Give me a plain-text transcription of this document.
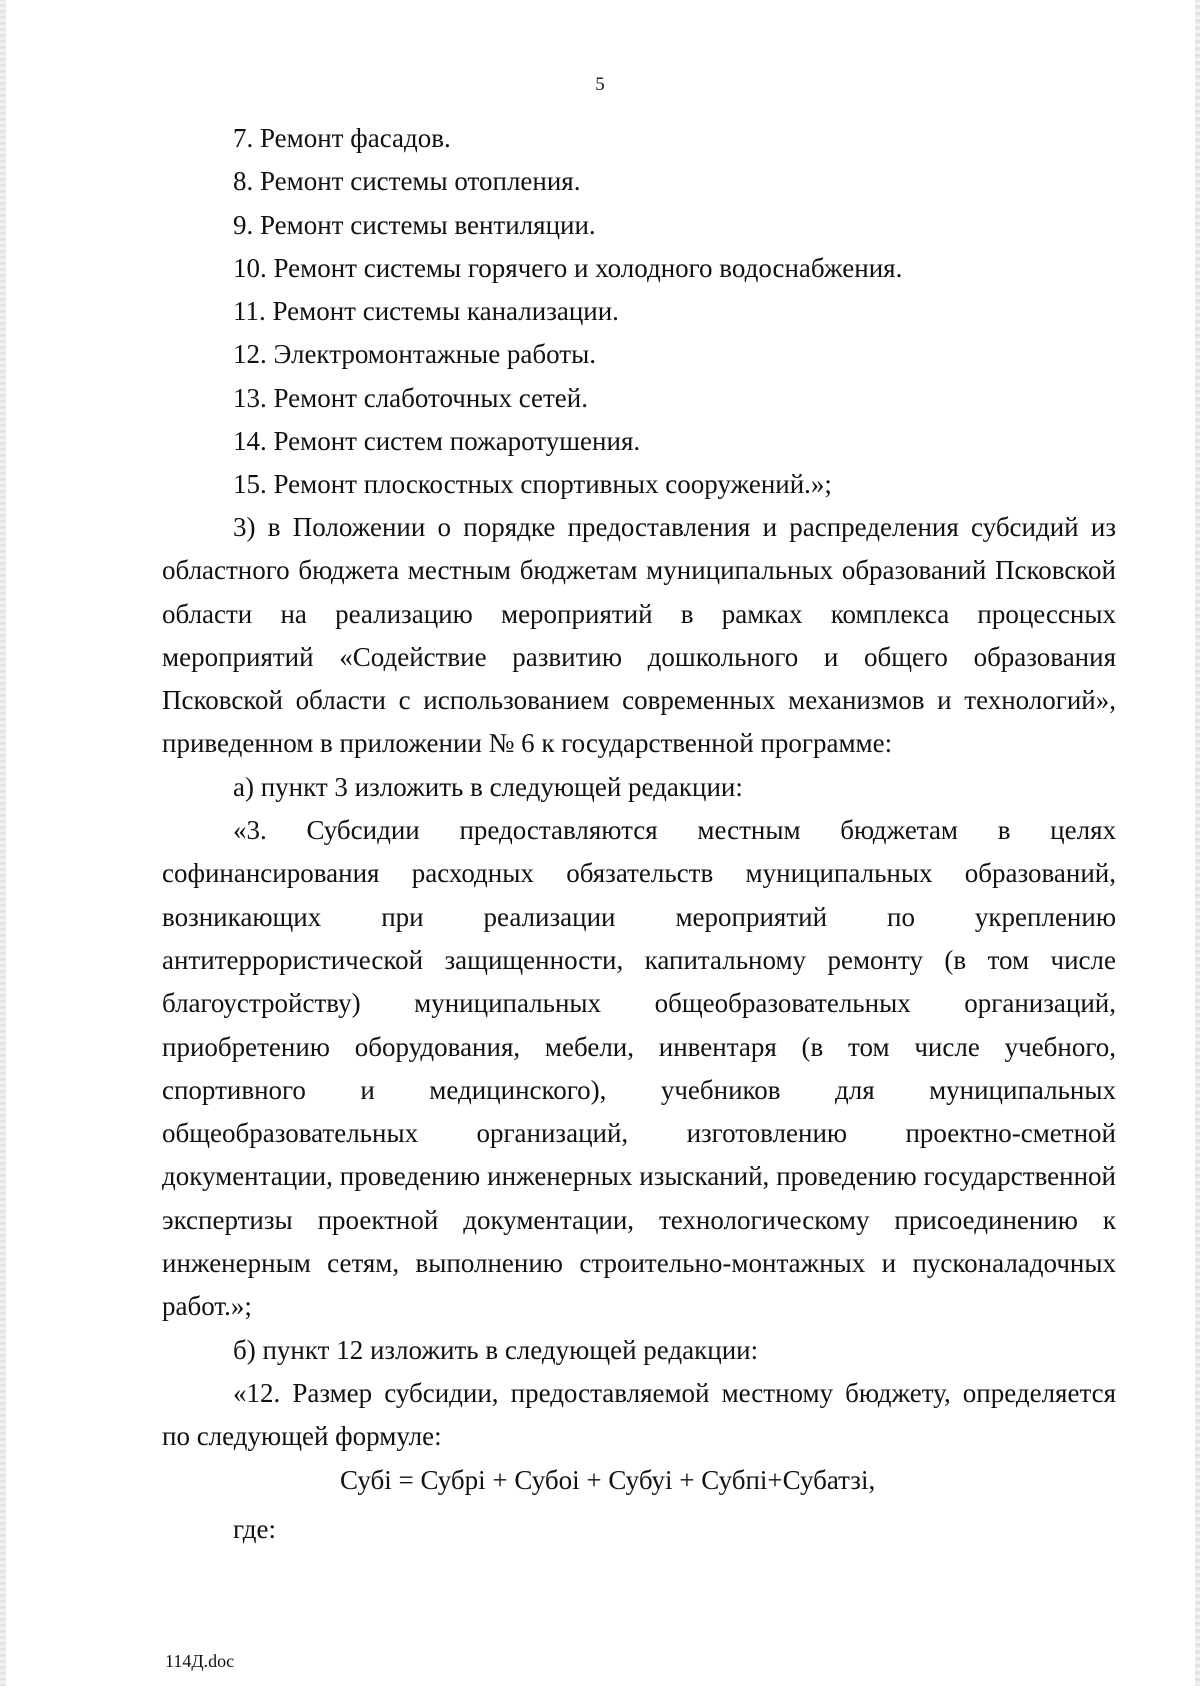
5
7. Ремонт фасадов.
8. Ремонт системы отопления.
9. Ремонт системы вентиляции.
10. Ремонт системы горячего и холодного водоснабжения.
11. Ремонт системы канализации.
12. Электромонтажные работы.
13. Ремонт слаботочных сетей.
14. Ремонт систем пожаротушения.
15. Ремонт плоскостных спортивных сооружений.»;

3) в Положении о порядке предоставления и распределения субсидий из областного бюджета местным бюджетам муниципальных образований Псковской области на реализацию мероприятий в рамках комплекса процессных мероприятий «Содействие развитию дошкольного и общего образования Псковской области с использованием современных механизмов и технологий», приведенном в приложении № 6 к государственной программе:

а) пункт 3 изложить в следующей редакции:

«3. Субсидии предоставляются местным бюджетам в целях софинансирования расходных обязательств муниципальных образований, возникающих при реализации мероприятий по укреплению антитеррористической защищенности, капитальному ремонту (в том числе благоустройству) муниципальных общеобразовательных организаций, приобретению оборудования, мебели, инвентаря (в том числе учебного, спортивного и медицинского), учебников для муниципальных общеобразовательных организаций, изготовлению проектно-сметной документации, проведению инженерных изысканий, проведению государственной экспертизы проектной документации, технологическому присоединению к инженерным сетям, выполнению строительно-монтажных и пусконаладочных работ.»;

б) пункт 12 изложить в следующей редакции:

«12. Размер субсидии, предоставляемой местному бюджету, определяется по следующей формуле:

Субi = Субрi + Субоi + Субуi + Субпi+Субатзi,

где:

114Д.doc
